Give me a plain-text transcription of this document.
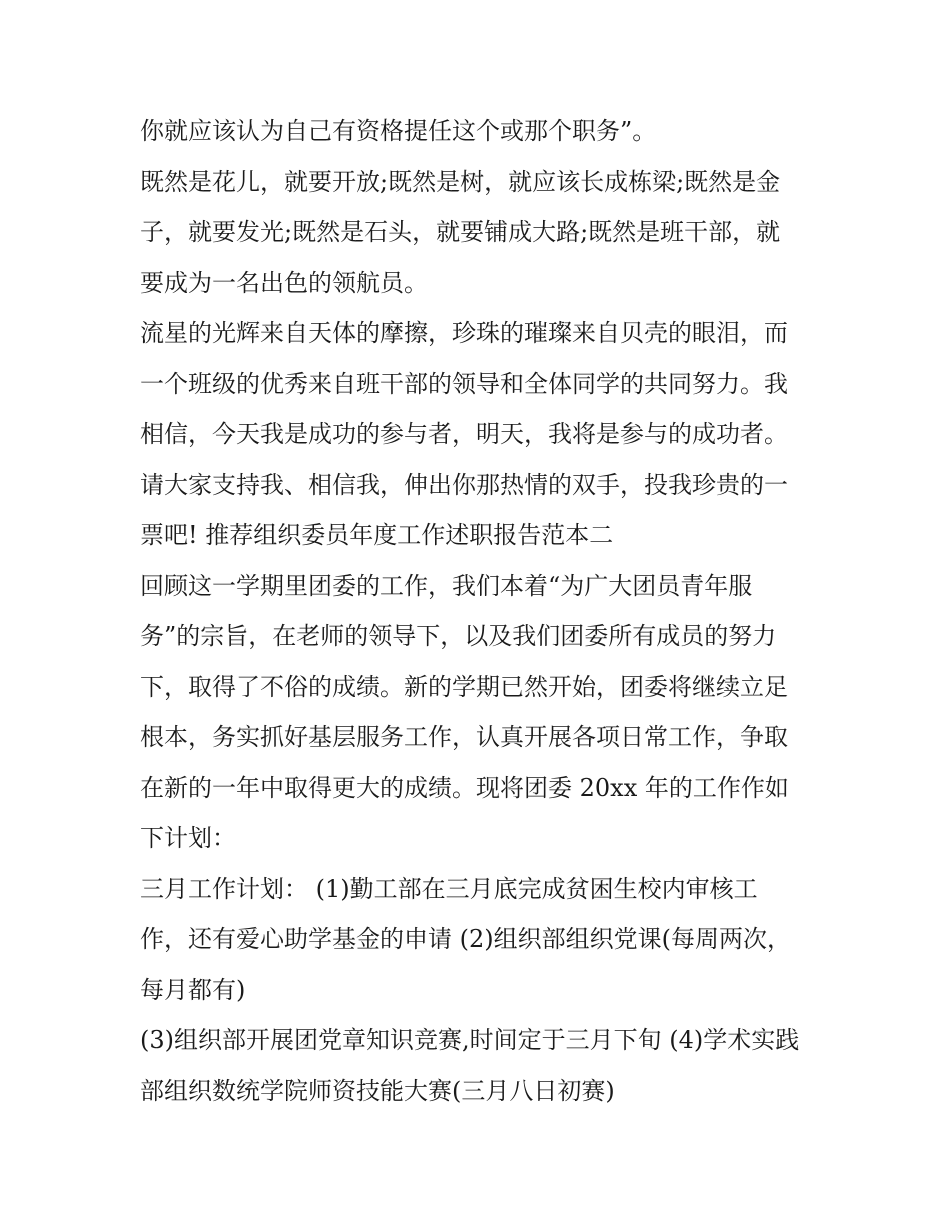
你就应该认为自己有资格提任这个或那个职务”。
既然是花儿，就要开放;既然是树，就应该长成栋梁;既然是金
子，就要发光;既然是石头，就要铺成大路;既然是班干部，就
要成为一名出色的领航员。
流星的光辉来自天体的摩擦，珍珠的璀璨来自贝壳的眼泪，而
一个班级的优秀来自班干部的领导和全体同学的共同努力。我
相信，今天我是成功的参与者，明天，我将是参与的成功者。
请大家支持我、相信我，伸出你那热情的双手，投我珍贵的一
票吧! 推荐组织委员年度工作述职报告范本二
回顾这一学期里团委的工作，我们本着“为广大团员青年服
务”的宗旨，在老师的领导下，以及我们团委所有成员的努力
下，取得了不俗的成绩。新的学期已然开始，团委将继续立足
根本，务实抓好基层服务工作，认真开展各项日常工作，争取
在新的一年中取得更大的成绩。现将团委 20xx 年的工作作如
下计划：
三月工作计划： (1)勤工部在三月底完成贫困生校内审核工
作，还有爱心助学基金的申请 (2)组织部组织党课(每周两次，
每月都有)
(3)组织部开展团党章知识竞赛,时间定于三月下旬 (4)学术实践
部组织数统学院师资技能大赛(三月八日初赛)
